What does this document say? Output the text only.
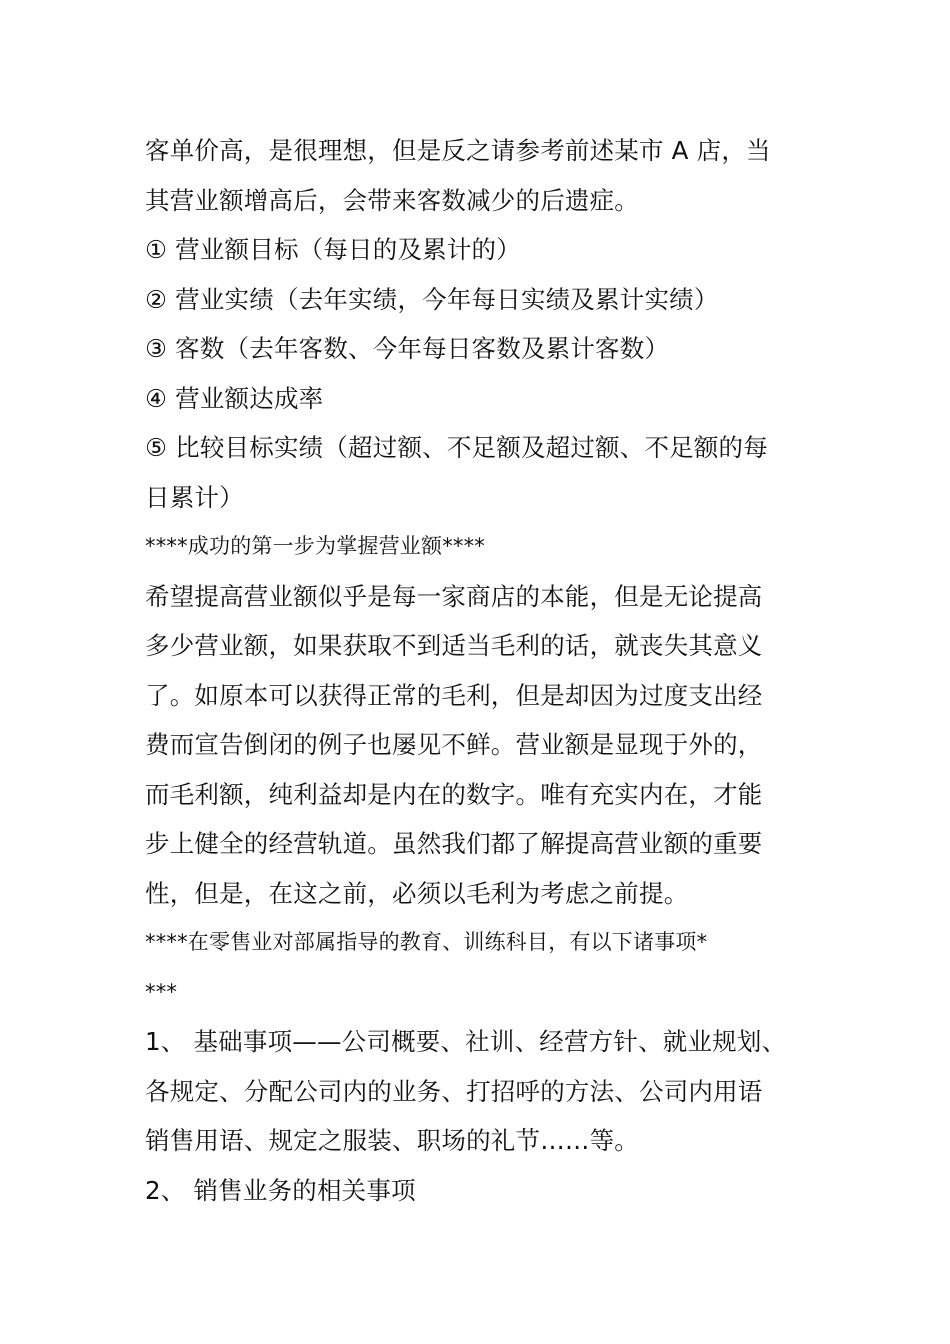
客单价高，是很理想，但是反之请参考前述某市 A 店，当
其营业额增高后，会带来客数减少的后遗症。
① 营业额目标（每日的及累计的）
② 营业实绩（去年实绩，今年每日实绩及累计实绩）
③ 客数（去年客数、今年每日客数及累计客数）
④ 营业额达成率
⑤ 比较目标实绩（超过额、不足额及超过额、不足额的每
日累计）
****成功的第一步为掌握营业额****
希望提高营业额似乎是每一家商店的本能，但是无论提高
多少营业额，如果获取不到适当毛利的话，就丧失其意义
了。如原本可以获得正常的毛利，但是却因为过度支出经
费而宣告倒闭的例子也屡见不鲜。营业额是显现于外的，
而毛利额，纯利益却是内在的数字。唯有充实内在，才能
步上健全的经营轨道。虽然我们都了解提高营业额的重要
性，但是，在这之前，必须以毛利为考虑之前提。
****在零售业对部属指导的教育、训练科目，有以下诸事项*
***
1、 基础事项——公司概要、社训、经营方针、就业规划、
各规定、分配公司内的业务、打招呼的方法、公司内用语
销售用语、规定之服装、职场的礼节……等。
2、 销售业务的相关事项
